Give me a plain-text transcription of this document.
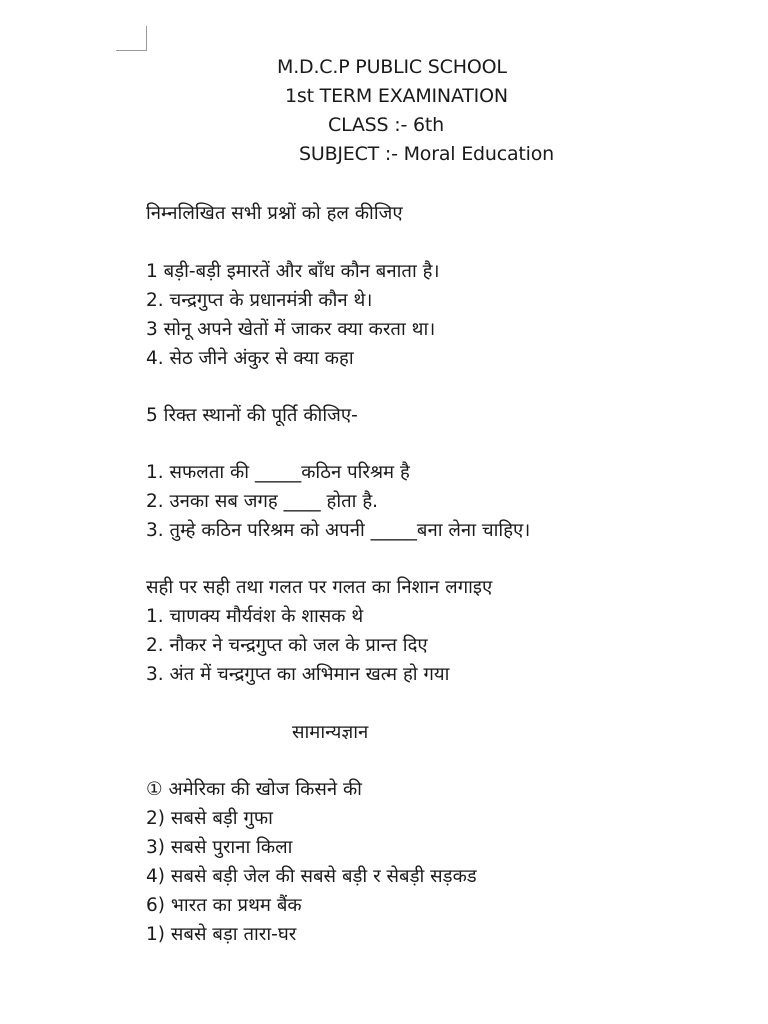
M.D.C.P PUBLIC SCHOOL
1st TERM EXAMINATION
CLASS :- 6th
SUBJECT :- Moral Education
निम्नलिखित सभी प्रश्नों को हल कीजिए
1 बड़ी-बड़ी इमारतें और बाँध कौन बनाता है।
2. चन्द्रगुप्त के प्रधानमंत्री कौन थे।
3 सोनू अपने खेतों में जाकर क्या करता था।
4. सेठ जीने अंकुर से क्या कहा
5 रिक्त स्थानों की पूर्ति कीजिए-
1. सफलता की _____कठिन परिश्रम है
2. उनका सब जगह ____ होता है.
3. तुम्हे कठिन परिश्रम को अपनी _____बना लेना चाहिए।
सही पर सही तथा गलत पर गलत का निशान लगाइए
1. चाणक्य मौर्यवंश के शासक थे
2. नौकर ने चन्द्रगुप्त को जल के प्रान्त दिए
3. अंत में चन्द्रगुप्त का अभिमान खत्म हो गया
सामान्यज्ञान
① अमेरिका की खोज किसने की
2) सबसे बड़ी गुफा
3) सबसे पुराना किला
4) सबसे बड़ी जेल की सबसे बड़ी र सेबड़ी सड़कड
6) भारत का प्रथम बैंक
1) सबसे बड़ा तारा-घर
